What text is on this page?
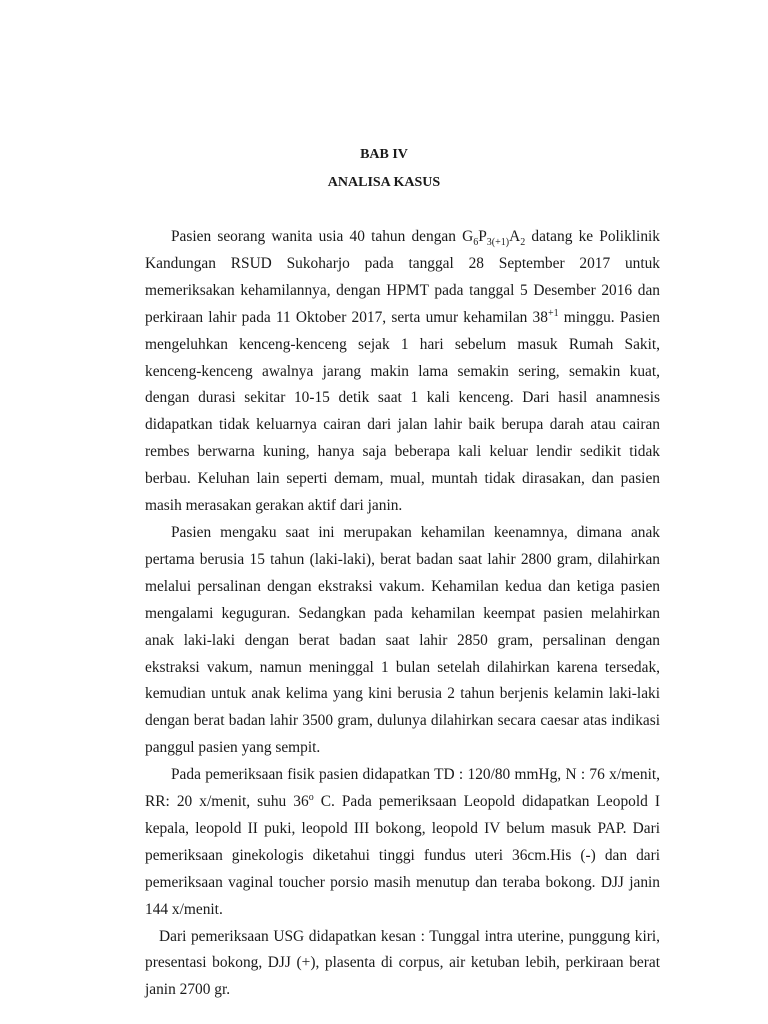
BAB IV
ANALISA KASUS

Pasien seorang wanita usia 40 tahun dengan $G_6P_{3(+1)}A_2$ datang ke Poliklinik Kandungan RSUD Sukoharjo pada tanggal 28 September 2017 untuk memeriksakan kehamilannya, dengan HPMT pada tanggal 5 Desember 2016 dan perkiraan lahir pada 11 Oktober 2017, serta umur kehamilan $38^{+1}$ minggu. Pasien mengeluhkan kenceng-kenceng sejak 1 hari sebelum masuk Rumah Sakit, kenceng-kenceng awalnya jarang makin lama semakin sering, semakin kuat, dengan durasi sekitar 10-15 detik saat 1 kali kenceng. Dari hasil anamnesis didapatkan tidak keluarnya cairan dari jalan lahir baik berupa darah atau cairan rembes berwarna kuning, hanya saja beberapa kali keluar lendir sedikit tidak berbau. Keluhan lain seperti demam, mual, muntah tidak dirasakan, dan pasien masih merasakan gerakan aktif dari janin.

Pasien mengaku saat ini merupakan kehamilan keenamnya, dimana anak pertama berusia 15 tahun (laki-laki), berat badan saat lahir 2800 gram, dilahirkan melalui persalinan dengan ekstraksi vakum. Kehamilan kedua dan ketiga pasien mengalami keguguran. Sedangkan pada kehamilan keempat pasien melahirkan anak laki-laki dengan berat badan saat lahir 2850 gram, persalinan dengan ekstraksi vakum, namun meninggal 1 bulan setelah dilahirkan karena tersedak, kemudian untuk anak kelima yang kini berusia 2 tahun berjenis kelamin laki-laki dengan berat badan lahir 3500 gram, dulunya dilahirkan secara caesar atas indikasi panggul pasien yang sempit.

Pada pemeriksaan fisik pasien didapatkan TD : 120/80 mmHg, N : 76 x/menit, RR: 20 x/menit, suhu 36$^o$ C. Pada pemeriksaan Leopold didapatkan Leopold I kepala, leopold II puki, leopold III bokong, leopold IV belum masuk PAP. Dari pemeriksaan ginekologis diketahui tinggi fundus uteri 36cm.His (-) dan dari pemeriksaan vaginal toucher porsio masih menutup dan teraba bokong. DJJ janin 144 x/menit.

Dari pemeriksaan USG didapatkan kesan : Tunggal intra uterine, punggung kiri, presentasi bokong, DJJ (+), plasenta di corpus, air ketuban lebih, perkiraan berat janin 2700 gr.
